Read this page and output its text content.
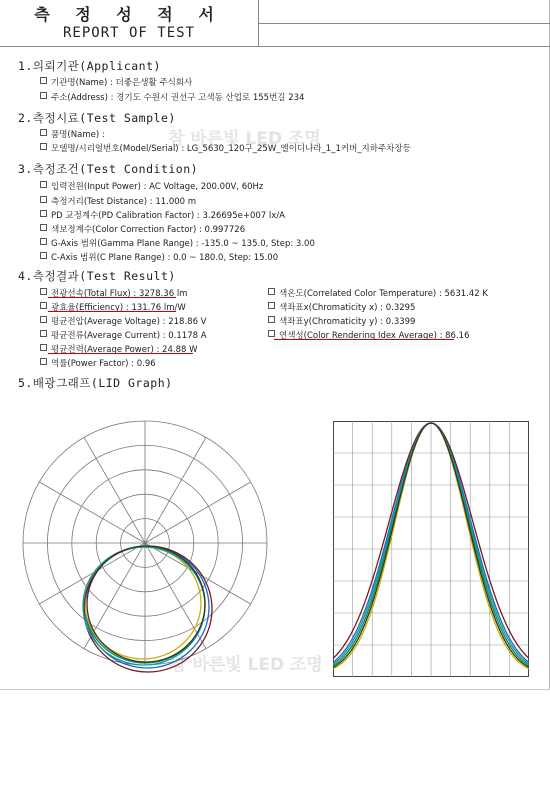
측 정 성 적 서
REPORT OF TEST
참 바른빛 LED 조명
참 바른빛 LED 조명
1.의뢰기관(Applicant)
기관명(Name) : 더좋은생활 주식회사
주소(Address) : 경기도 수원시 권선구 고색동 산업로 155번길 234
2.측정시료(Test Sample)
품명(Name) :
모델명/시리얼번호(Model/Serial) : LG_5630_120구_25W_엘이디나라_1_1커버_지하주차장등
3.측정조건(Test Condition)
입력전원(Input Power) : AC Voltage, 200.00V, 60Hz
측정거리(Test Distance) : 11.000 m
PD 교정계수(PD Calibration Factor) : 3.26695e+007 lx/A
색보정계수(Color Correction Factor) : 0.997726
G-Axis 범위(Gamma Plane Range) : -135.0 ~ 135.0, Step: 3.00
C-Axis 범위(C Plane Range) : 0.0 ~ 180.0, Step: 15.00
4.측정결과(Test Result)
전광선속(Total Flux) : 3278.36 lm
광효율(Efficiency) : 131.76 lm/W
평균전압(Average Voltage) : 218.86 V
평균전류(Average Current) : 0.1178 A
평균전력(Average Power) : 24.88 W
역률(Power Factor) : 0.96
색온도(Correlated Color Temperature) : 5631.42 K
색좌표x(Chromaticity x) : 0.3295
색좌표y(Chromaticity y) : 0.3399
연색성(Color Rendering Idex Average) : 86.16
5.배광그래프(LID Graph)
